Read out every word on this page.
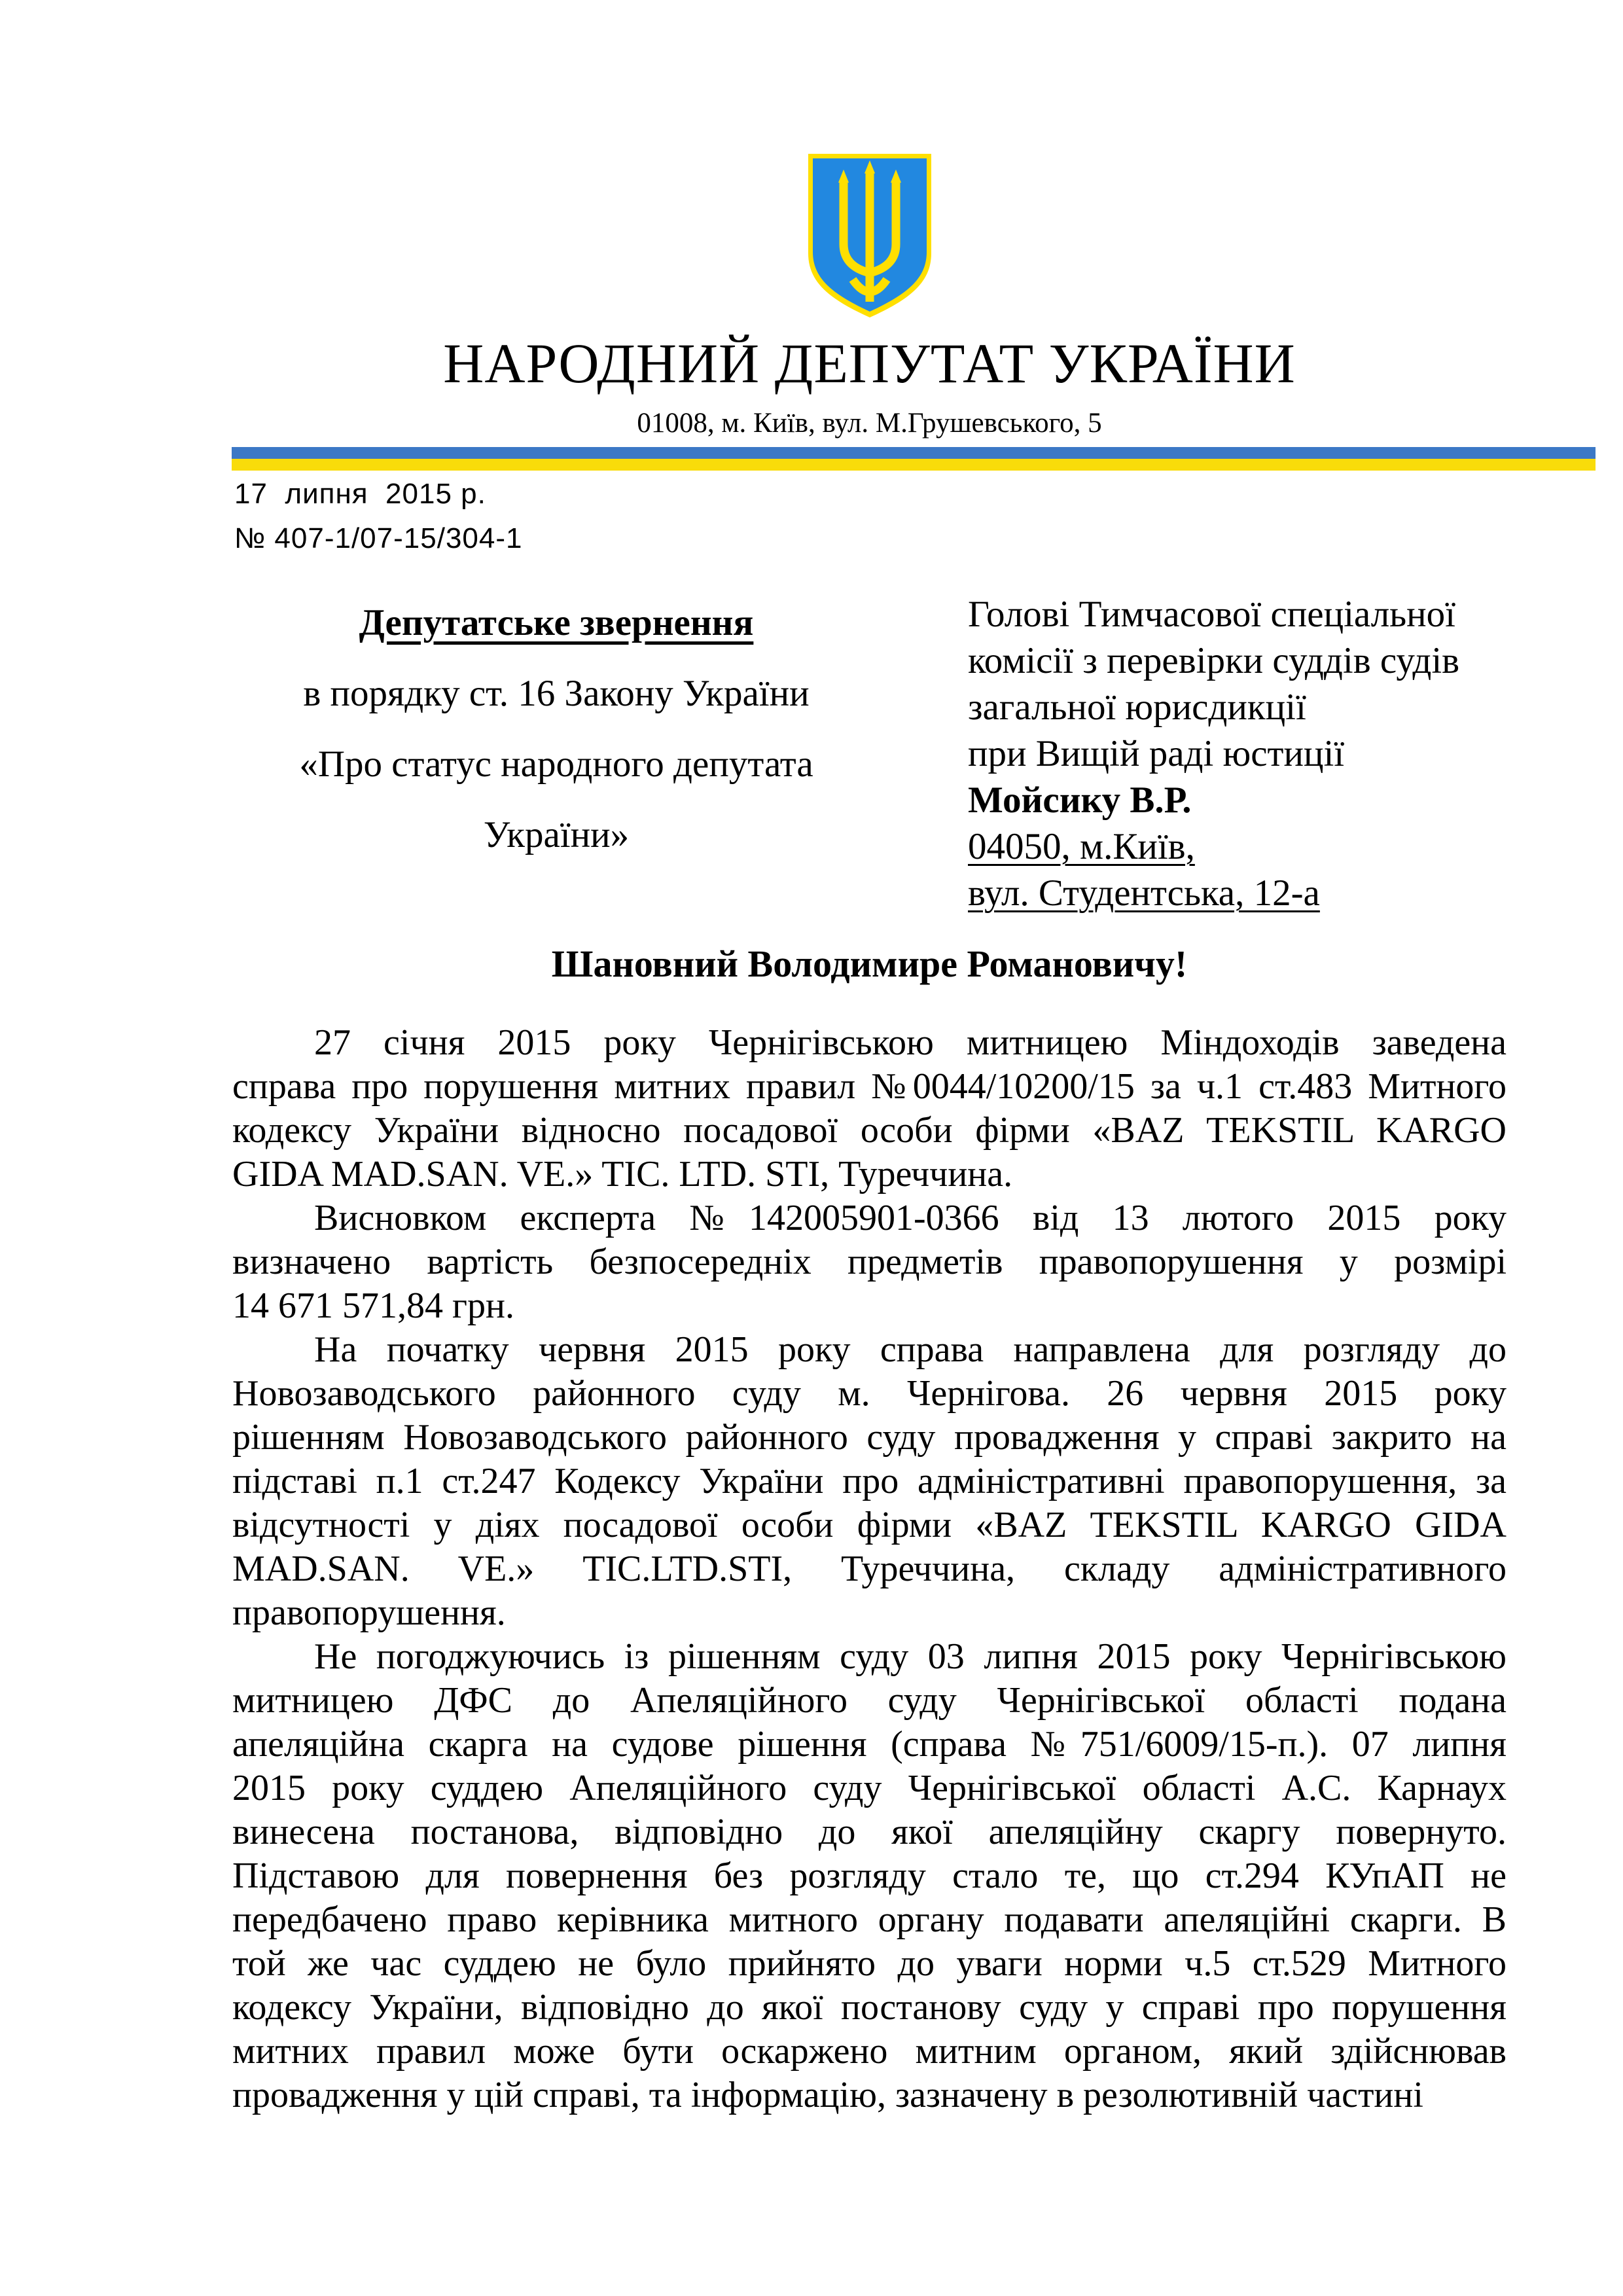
НАРОДНИЙ ДЕПУТАТ УКРАЇНИ
01008, м. Київ, вул. М.Грушевського, 5
17  липня  2015 р.
№ 407-1/07-15/304-1
Депутатське звернення
в порядку ст. 16 Закону України
«Про статус народного депутата
України»
Голові Тимчасової спеціальної
комісії з перевірки суддів судів
загальної юрисдикції
при Вищій раді юстиції
Мойсику В.Р.
04050, м.Київ,
вул. Студентська, 12-а
Шановний Володимире Романовичу!
27 січня 2015 року Чернігівською митницею Міндоходів заведена
справа про порушення митних правил №0044/10200/15 за ч.1 ст.483 Митного
кодексу України відносно посадової особи фірми «BAZ TEKSTIL KARGO
GIDA MAD.SAN. VE.» TIC. LTD. STI, Туреччина.
Висновком експерта №142005901-0366 від 13 лютого 2015 року
визначено вартість безпосередніх предметів правопорушення у розмірі
14 671 571,84 грн.
На початку червня 2015 року справа направлена для розгляду до
Новозаводського районного суду м. Чернігова. 26 червня 2015 року
рішенням Новозаводського районного суду провадження у справі закрито на
підставі п.1 ст.247 Кодексу України про адміністративні правопорушення, за
відсутності у діях посадової особи фірми «BAZ TEKSTIL KARGO GIDA
MAD.SAN. VE.» TIC.LTD.STI, Туреччина, складу адміністративного
правопорушення.
Не погоджуючись із рішенням суду 03 липня 2015 року Чернігівською
митницею ДФС до Апеляційного суду Чернігівської області подана
апеляційна скарга на судове рішення (справа №751/6009/15-п.). 07 липня
2015 року суддею Апеляційного суду Чернігівської області А.С. Карнаух
винесена постанова, відповідно до якої апеляційну скаргу повернуто.
Підставою для повернення без розгляду стало те, що ст.294 КУпАП не
передбачено право керівника митного органу подавати апеляційні скарги. В
той же час суддею не було прийнято до уваги норми ч.5 ст.529 Митного
кодексу України, відповідно до якої постанову суду у справі про порушення
митних правил може бути оскаржено митним органом, який здійснював
провадження у цій справі, та інформацію, зазначену в резолютивній частині
